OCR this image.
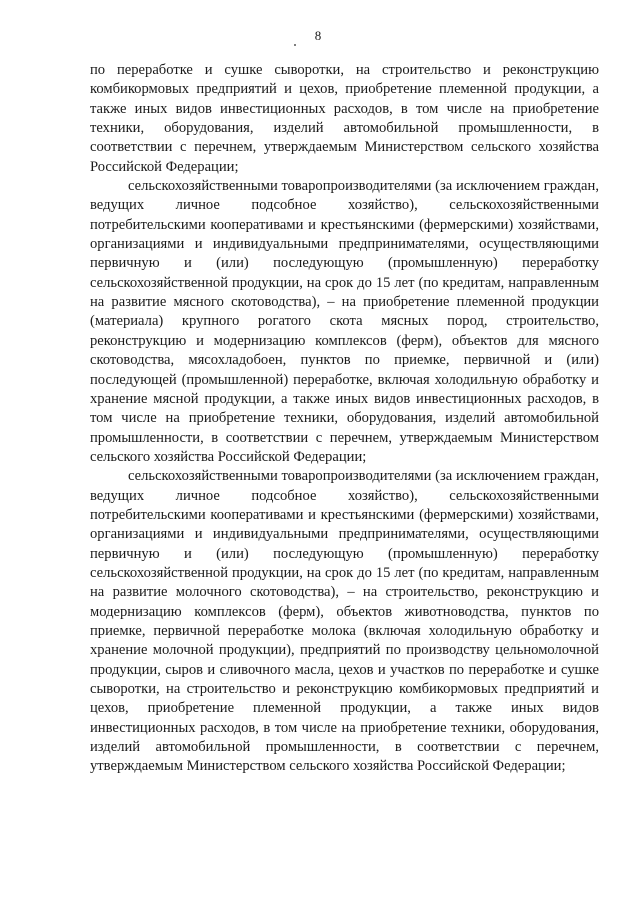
8

по переработке и сушке сыворотки, на строительство и реконструкцию комбикормовых предприятий и цехов, приобретение племенной продукции, а также иных видов инвестиционных расходов, в том числе на приобретение техники, оборудования, изделий автомобильной промышленности, в соответствии с перечнем, утверждаемым Министерством сельского хозяйства Российской Федерации;

сельскохозяйственными товаропроизводителями (за исключением граждан, ведущих личное подсобное хозяйство), сельскохозяйственными потребительскими кооперативами и крестьянскими (фермерскими) хозяйствами, организациями и индивидуальными предпринимателями, осуществляющими первичную и (или) последующую (промышленную) переработку сельскохозяйственной продукции, на срок до 15 лет (по кредитам, направленным на развитие мясного скотоводства), – на приобретение племенной продукции (материала) крупного рогатого скота мясных пород, строительство, реконструкцию и модернизацию комплексов (ферм), объектов для мясного скотоводства, мясохладобоен, пунктов по приемке, первичной и (или) последующей (промышленной) переработке, включая холодильную обработку и хранение мясной продукции, а также иных видов инвестиционных расходов, в том числе на приобретение техники, оборудования, изделий автомобильной промышленности, в соответствии с перечнем, утверждаемым Министерством сельского хозяйства Российской Федерации;

сельскохозяйственными товаропроизводителями (за исключением граждан, ведущих личное подсобное хозяйство), сельскохозяйственными потребительскими кооперативами и крестьянскими (фермерскими) хозяйствами, организациями и индивидуальными предпринимателями, осуществляющими первичную и (или) последующую (промышленную) переработку сельскохозяйственной продукции, на срок до 15 лет (по кредитам, направленным на развитие молочного скотоводства), – на строительство, реконструкцию и модернизацию комплексов (ферм), объектов животноводства, пунктов по приемке, первичной переработке молока (включая холодильную обработку и хранение молочной продукции), предприятий по производству цельномолочной продукции, сыров и сливочного масла, цехов и участков по переработке и сушке сыворотки, на строительство и реконструкцию комбикормовых предприятий и цехов, приобретение племенной продукции, а также иных видов инвестиционных расходов, в том числе на приобретение техники, оборудования, изделий автомобильной промышленности, в соответствии с перечнем, утверждаемым Министерством сельского хозяйства Российской Федерации;
